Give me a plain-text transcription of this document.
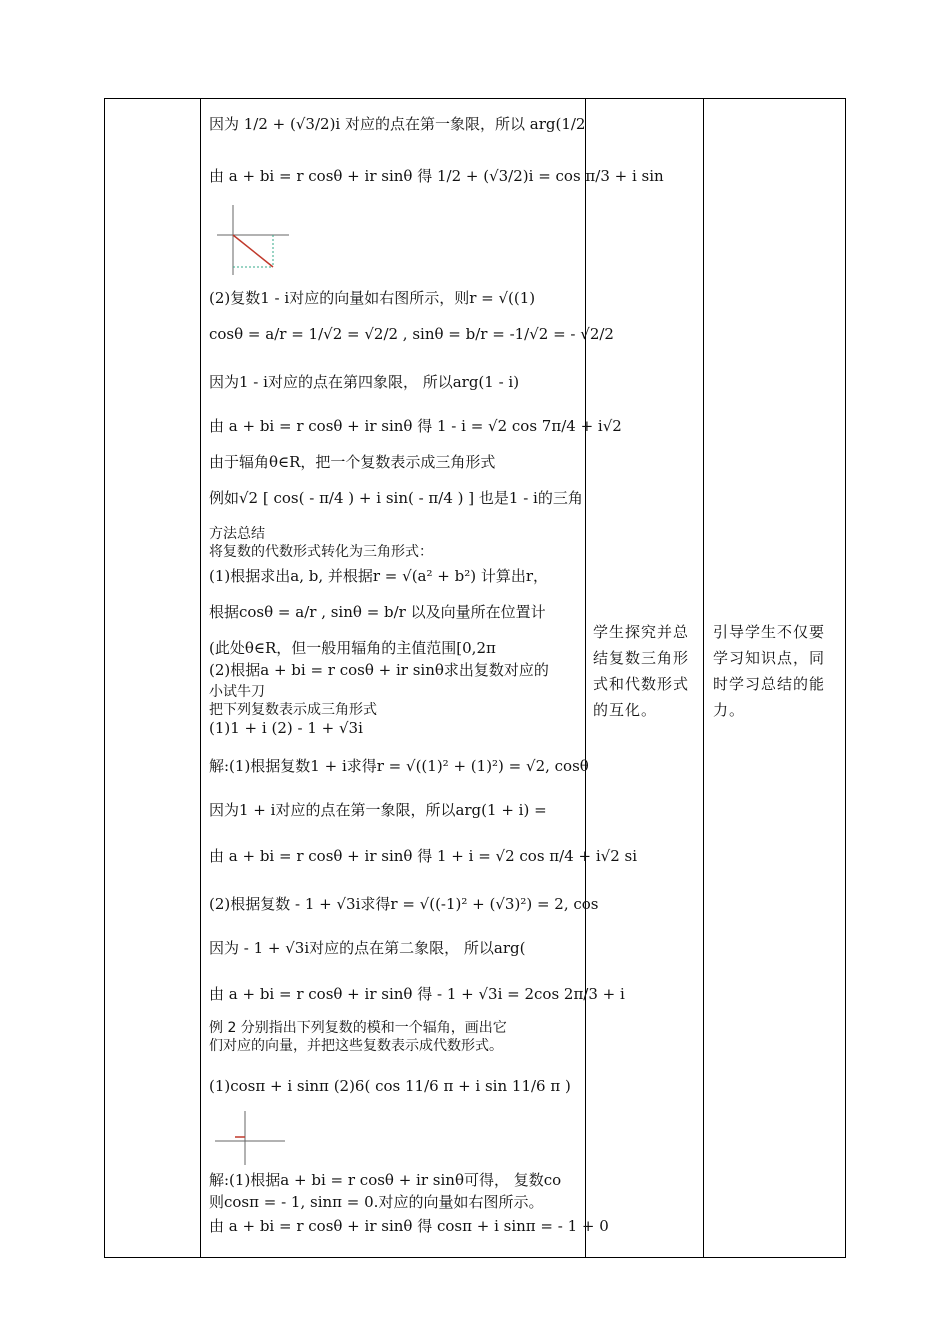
因为 1/2 + (√3/2)i 对应的点在第一象限，所以 arg(1/2
由 a + bi = r cosθ + ir sinθ 得 1/2 + (√3/2)i = cos π/3 + i sin
(2)复数1 - i对应的向量如右图所示，则r = √((1)
cosθ = a/r = 1/√2 = √2/2 , sinθ = b/r = -1/√2 = - √2/2
因为1 - i对应的点在第四象限， 所以arg(1 - i)
由 a + bi = r cosθ + ir sinθ 得 1 - i = √2 cos 7π/4 + i√2
由于辐角θ∈R，把一个复数表示成三角形式
例如√2 [ cos( - π/4 ) + i sin( - π/4 ) ] 也是1 - i的三角
方法总结
将复数的代数形式转化为三角形式：
(1)根据求出a, b, 并根据r = √(a² + b²) 计算出r，
根据cosθ = a/r , sinθ = b/r 以及向量所在位置计
(此处θ∈R，但一般用辐角的主值范围[0,2π
(2)根据a + bi = r cosθ + ir sinθ求出复数对应的
小试牛刀
把下列复数表示成三角形式
(1)1 + i (2) - 1 + √3i
解:(1)根据复数1 + i求得r = √((1)² + (1)²) = √2, cosθ
因为1 + i对应的点在第一象限，所以arg(1 + i) =
由 a + bi = r cosθ + ir sinθ 得 1 + i = √2 cos π/4 + i√2 si
(2)根据复数 - 1 + √3i求得r = √((-1)² + (√3)²) = 2, cos
因为 - 1 + √3i对应的点在第二象限， 所以arg(
由 a + bi = r cosθ + ir sinθ 得 - 1 + √3i = 2cos 2π/3 + i
例 2 分别指出下列复数的模和一个辐角，画出它
们对应的向量，并把这些复数表示成代数形式。
(1)cosπ + i sinπ (2)6( cos 11/6 π + i sin 11/6 π )
解:(1)根据a + bi = r cosθ + ir sinθ可得， 复数co
则cosπ = - 1, sinπ = 0.对应的向量如右图所示。
由 a + bi = r cosθ + ir sinθ 得 cosπ + i sinπ = - 1 + 0
学生探究并总结复数三角形式和代数形式的互化。
引导学生不仅要学习知识点，同时学习总结的能力。
